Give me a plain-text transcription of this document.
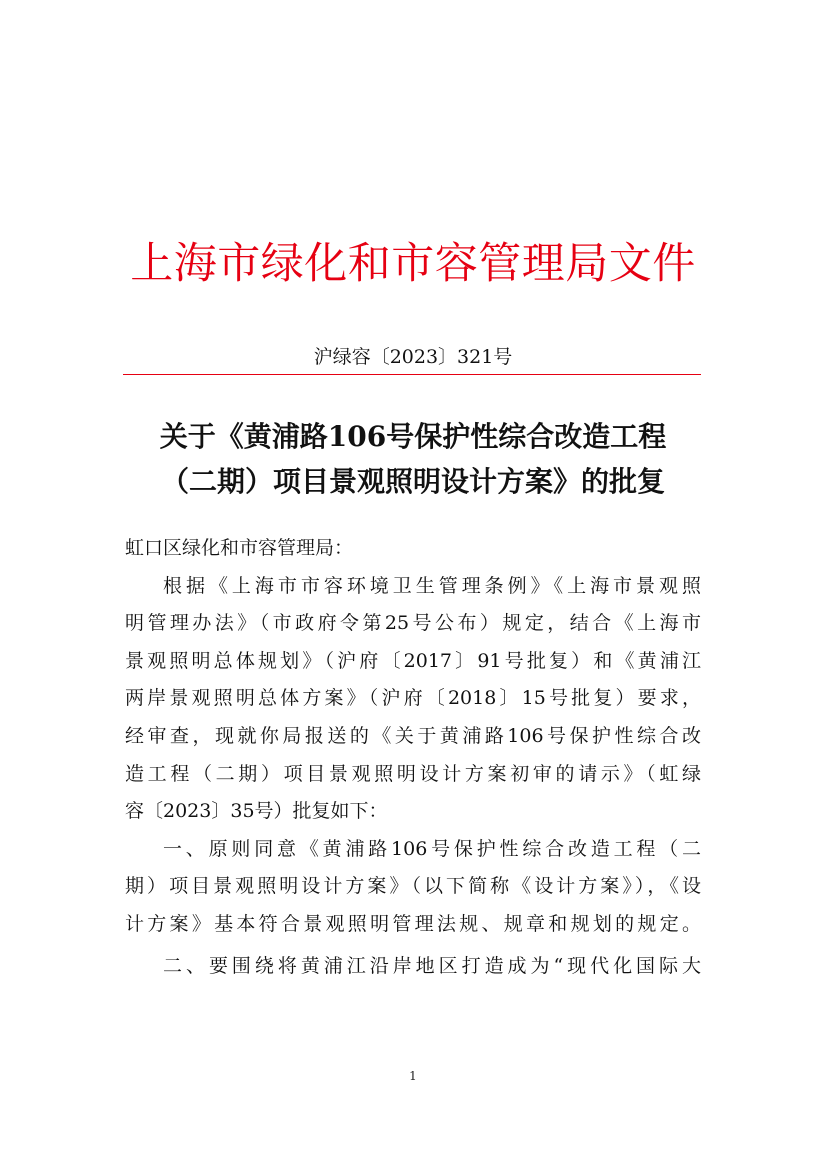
上海市绿化和市容管理局文件
沪绿容〔2023〕321号
关于《黄浦路106号保护性综合改造工程
（二期）项目景观照明设计方案》的批复
虹口区绿化和市容管理局：
根据《上海市市容环境卫生管理条例》《上海市景观照
明管理办法》（市政府令第25号公布）规定，结合《上海市
景观照明总体规划》（沪府〔2017〕91号批复）和《黄浦江
两岸景观照明总体方案》（沪府〔2018〕15号批复）要求，
经审查，现就你局报送的《关于黄浦路106号保护性综合改
造工程（二期）项目景观照明设计方案初审的请示》（虹绿
容〔2023〕35号）批复如下：
一、原则同意《黄浦路106号保护性综合改造工程（二
期）项目景观照明设计方案》（以下简称《设计方案》），《设
计方案》基本符合景观照明管理法规、规章和规划的规定。
二、要围绕将黄浦江沿岸地区打造成为“现代化国际大
1
